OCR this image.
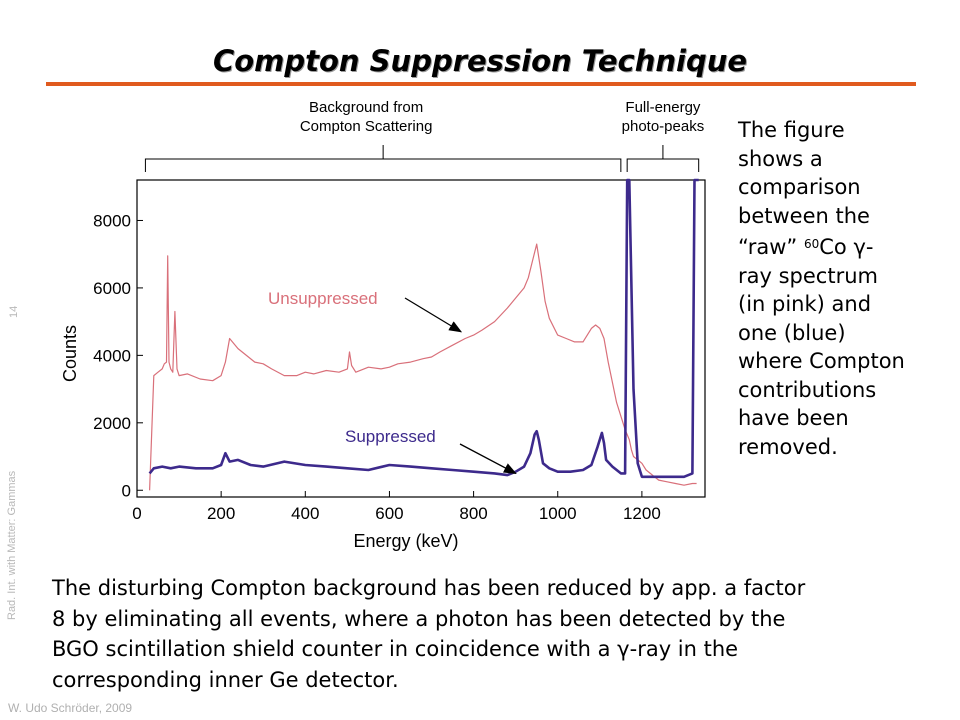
Compton Suppression Technique
Rad. Int. with Matter: Gammas
14
W. Udo Schröder, 2009
0	200	400	600	800	1000	1200
0
2000
4000
6000
8000
Energy (keV)
Counts
Unsuppressed
Suppressed
Background from
Compton Scattering
Full-energy
photo-peaks The figure
shows a
comparison
between the
“raw” $^{60}$Co γ-
ray spectrum
(in pink) and
one (blue)
where Compton
contributions
have been
removed.
The disturbing Compton background has been reduced by app. a factor
8 by eliminating all events, where a photon has been detected by the
BGO scintillation shield counter in coincidence with a γ-ray in the
corresponding inner Ge detector.
